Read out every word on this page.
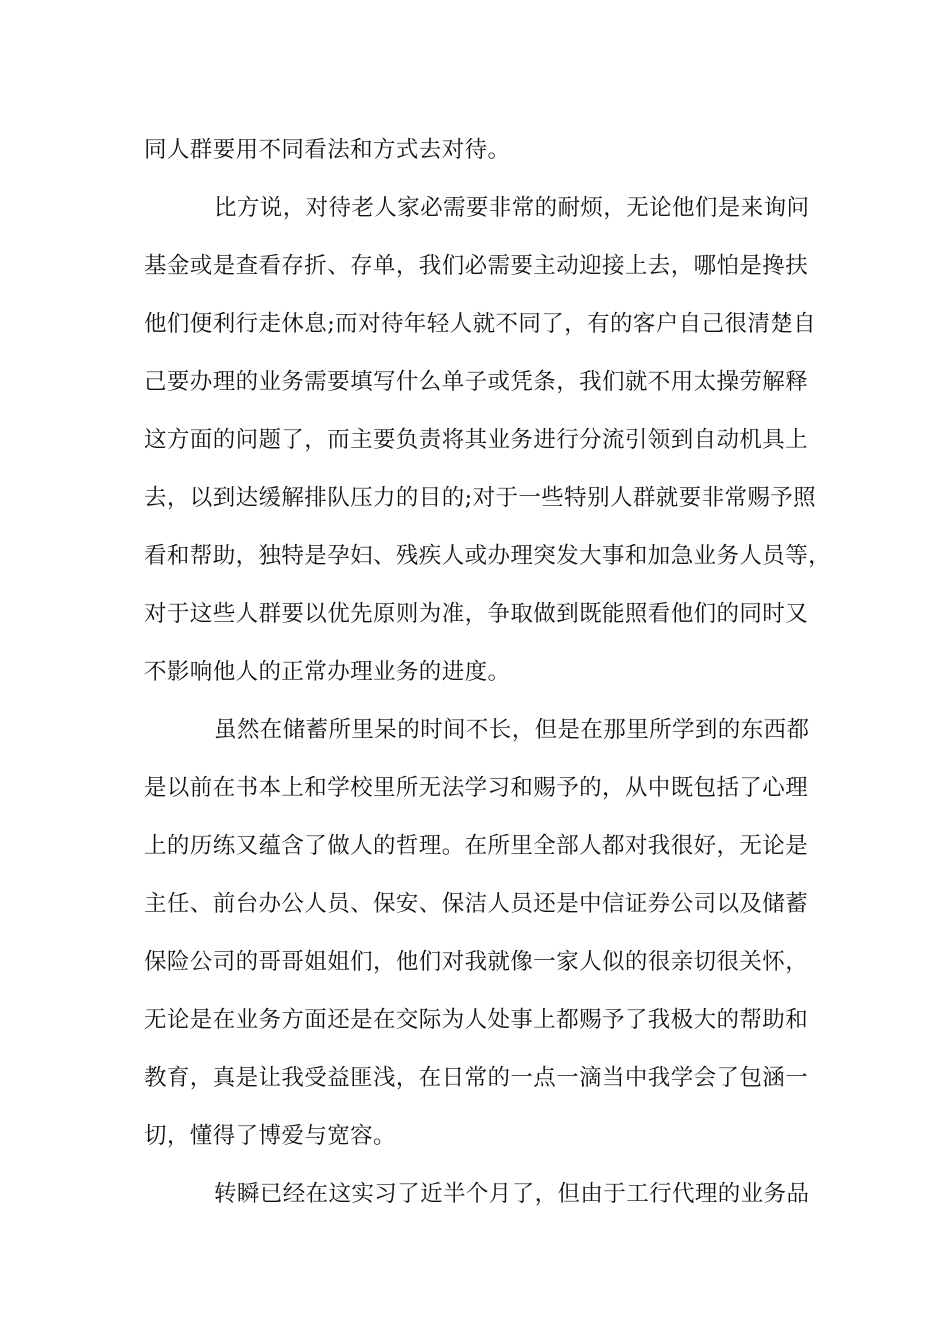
同人群要用不同看法和方式去对待。
比方说，对待老人家必需要非常的耐烦，无论他们是来询问
基金或是查看存折、存单，我们必需要主动迎接上去，哪怕是搀扶
他们便利行走休息;而对待年轻人就不同了，有的客户自己很清楚自
己要办理的业务需要填写什么单子或凭条，我们就不用太操劳解释
这方面的问题了，而主要负责将其业务进行分流引领到自动机具上
去，以到达缓解排队压力的目的;对于一些特别人群就要非常赐予照
看和帮助，独特是孕妇、残疾人或办理突发大事和加急业务人员等，
对于这些人群要以优先原则为准，争取做到既能照看他们的同时又
不影响他人的正常办理业务的进度。
虽然在储蓄所里呆的时间不长，但是在那里所学到的东西都
是以前在书本上和学校里所无法学习和赐予的，从中既包括了心理
上的历练又蕴含了做人的哲理。在所里全部人都对我很好，无论是
主任、前台办公人员、保安、保洁人员还是中信证券公司以及储蓄
保险公司的哥哥姐姐们，他们对我就像一家人似的很亲切很关怀，
无论是在业务方面还是在交际为人处事上都赐予了我极大的帮助和
教育，真是让我受益匪浅，在日常的一点一滴当中我学会了包涵一
切，懂得了博爱与宽容。
转瞬已经在这实习了近半个月了，但由于工行代理的业务品
